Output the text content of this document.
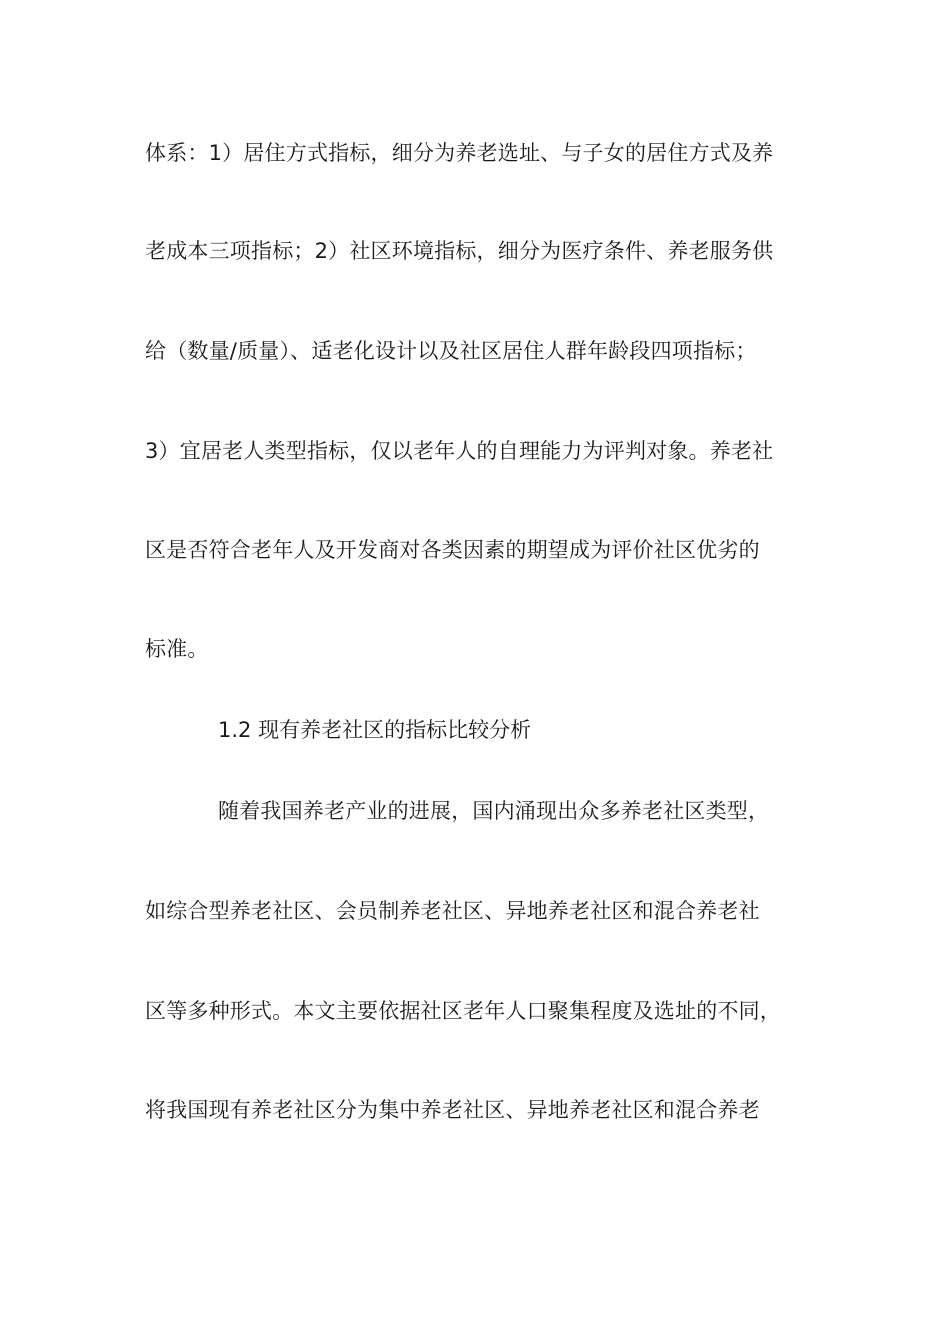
体系：1）居住方式指标，细分为养老选址、与子女的居住方式及养
老成本三项指标；2）社区环境指标，细分为医疗条件、养老服务供
给（数量/质量）、适老化设计以及社区居住人群年龄段四项指标；
3）宜居老人类型指标，仅以老年人的自理能力为评判对象。养老社
区是否符合老年人及开发商对各类因素的期望成为评价社区优劣的
标准。
1.2 现有养老社区的指标比较分析
随着我国养老产业的进展，国内涌现出众多养老社区类型，
如综合型养老社区、会员制养老社区、异地养老社区和混合养老社
区等多种形式。本文主要依据社区老年人口聚集程度及选址的不同，
将我国现有养老社区分为集中养老社区、异地养老社区和混合养老
